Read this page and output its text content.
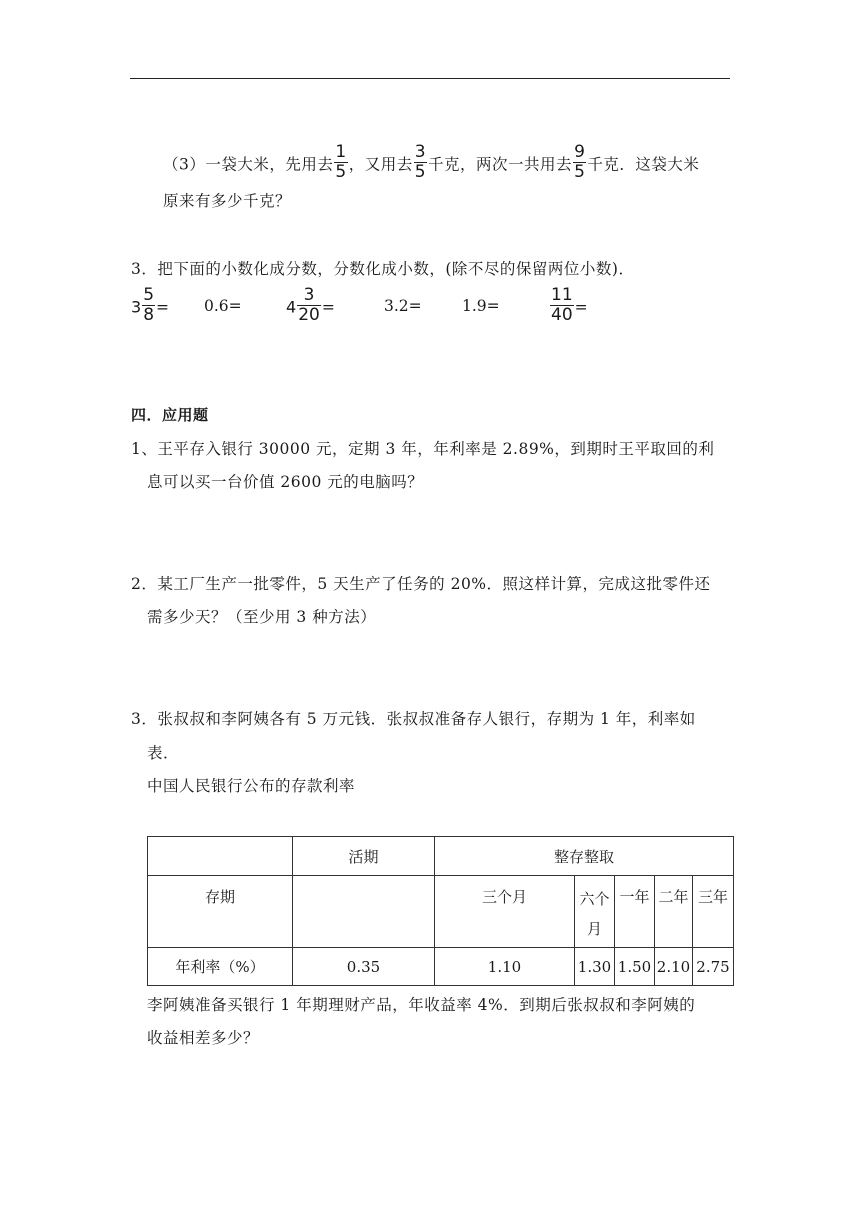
（3）一袋大米，先用去 $\frac{1}{5}$ ，又用去 $\frac{3}{5}$ 千克，两次一共用去 $\frac{9}{5}$ 千克．这袋大米
原来有多少千克？
3．把下面的小数化成分数，分数化成小数，(除不尽的保留两位小数)．
$3 \frac{5}{8} = 0.6=$	$4 \frac{3}{20}$ =	3.2=	1.9=	$\frac{11}{40}$ =
四．应用题
1、王平存入银行 30000 元，定期 3 年，年利率是 2.89%，到期时王平取回的利
息可以买一台价值 2600 元的电脑吗？
2．某工厂生产一批零件，5 天生产了任务的 20%．照这样计算，完成这批零件还
需多少天？（至少用 3 种方法）
3．张叔叔和李阿姨各有 5 万元钱．张叔叔准备存人银行，存期为 1 年，利率如
表．
中国人民银行公布的存款利率
	活期	整存整取				
存期		三个月	六个月	一年	二年	三年
年利率（%）	0.35	1.10	1.30	1.50	2.10	2.75
李阿姨准备买银行 1 年期理财产品，年收益率 4%．到期后张叔叔和李阿姨的
收益相差多少？
